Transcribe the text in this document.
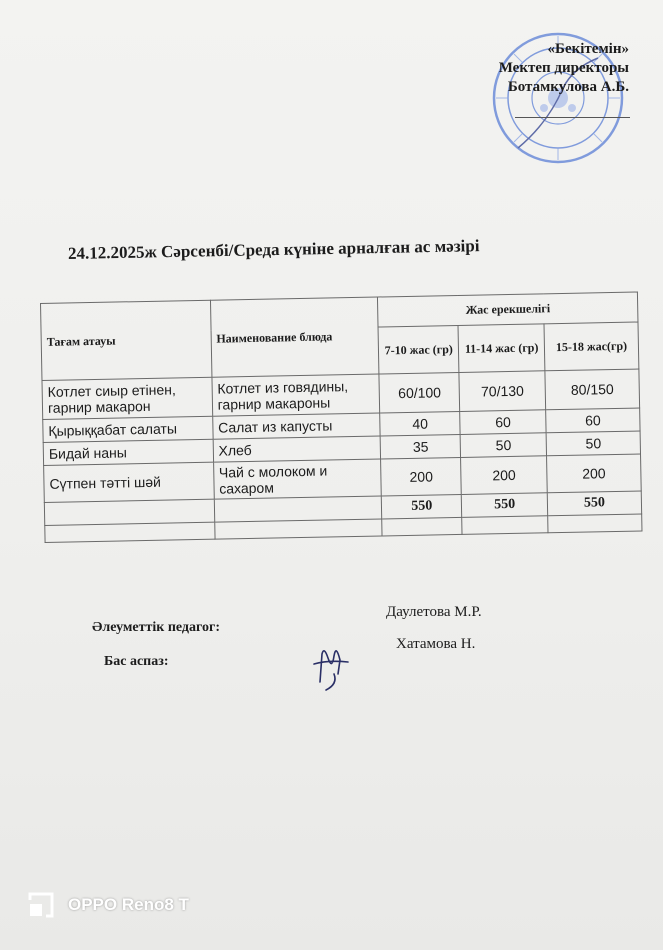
«Бекітемін»
Мектеп директоры
Ботамкулова А.Б.
24.12.2025ж Сәрсенбі/Среда күніне арналған ас мәзірі
Тағам атауы	Наименование блюда	Жас ерекшелігі		
		7-10 жас (гр)	11-14 жас (гр)	15-18 жас(гр)
Котлет сиыр етінен, гарнир макарон	Котлет из говядины, гарнир макароны	60/100	70/130	80/150
Қырыққабат салаты	Салат из капусты	40	60	60
Бидай наны	Хлеб	35	50	50
Сүтпен тәтті шәй	Чай с молоком и сахаром	200	200	200
		550	550	550

Әлеуметтік педагог:
Даулетова М.Р.
Бас аспаз:
Хатамова Н.
OPPO Reno8 T
